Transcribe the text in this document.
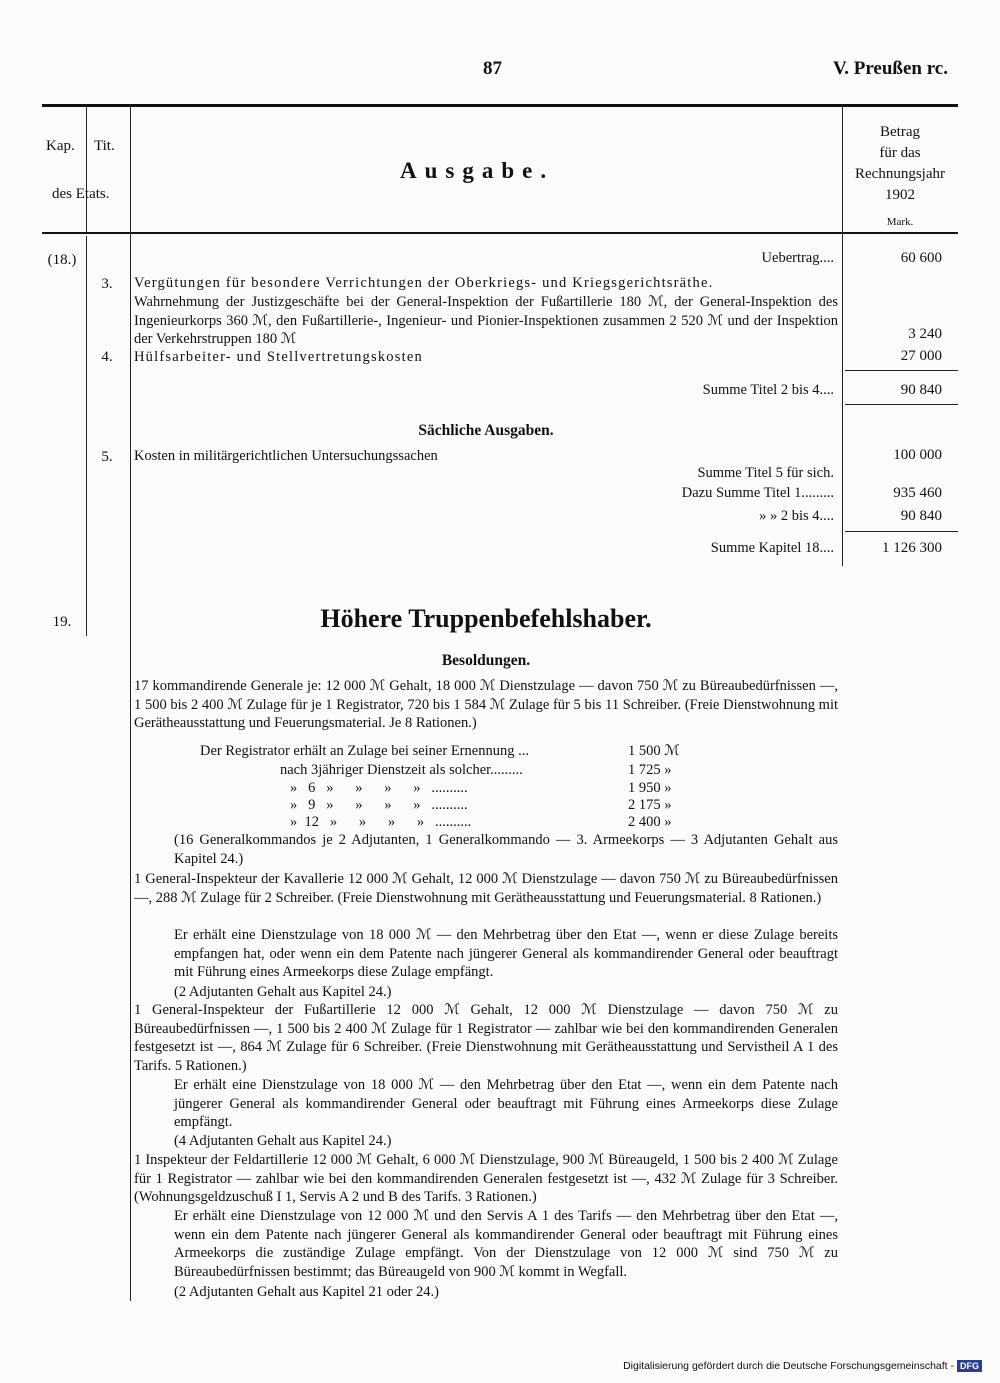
87	V. Preußen rc.
Kap. Tit.
des Etats.
Ausgabe.
Betrag
für das
Rechnungsjahr
1902
Mark.
(18.)	Uebertrag....	60 600
3.	Vergütungen für besondere Verrichtungen der Oberkriegs- und Kriegsgerichtsräthe.
Wahrnehmung der Justizgeschäfte bei der General-Inspektion der Fußartillerie 180 ℳ, der General-Inspektion des Ingenieurkorps 360 ℳ, den Fußartillerie-, Ingenieur- und Pionier-Inspektionen zusammen 2 520 ℳ und der Inspektion der Verkehrstruppen 180 ℳ	3 240
4.	Hülfsarbeiter- und Stellvertretungskosten	27 000
Summe Titel 2 bis 4....	90 840
Sächliche Ausgaben.
5.	Kosten in militärgerichtlichen Untersuchungssachen	100 000
Summe Titel 5 für sich.
Dazu Summe Titel 1.........	935 460
» » 2 bis 4....	90 840
Summe Kapitel 18....	1 126 300
19.	Höhere Truppenbefehlshaber.
Besoldungen.
17 kommandirende Generale je: 12 000 ℳ Gehalt, 18 000 ℳ Dienstzulage — davon 750 ℳ zu Büreaubedürfnissen —, 1 500 bis 2 400 ℳ Zulage für je 1 Registrator, 720 bis 1 584 ℳ Zulage für 5 bis 11 Schreiber. (Freie Dienstwohnung mit Gerätheausstattung und Feuerungsmaterial. Je 8 Rationen.)
Der Registrator erhält an Zulage bei seiner Ernennung ...	1 500 ℳ
nach 3jähriger Dienstzeit als solcher.........	1 725 »
»   6   »      »      »      »   ..........	1 950 »
»   9   »      »      »      »   ..........	2 175 »
»  12   »      »      »      »   ..........	2 400 »
(16 Generalkommandos je 2 Adjutanten, 1 Generalkommando — 3. Armeekorps — 3 Adjutanten Gehalt aus Kapitel 24.)
1 General-Inspekteur der Kavallerie 12 000 ℳ Gehalt, 12 000 ℳ Dienstzulage — davon 750 ℳ zu Büreaubedürfnissen —, 288 ℳ Zulage für 2 Schreiber. (Freie Dienstwohnung mit Gerätheausstattung und Feuerungsmaterial. 8 Rationen.)
Er erhält eine Dienstzulage von 18 000 ℳ — den Mehrbetrag über den Etat —, wenn er diese Zulage bereits empfangen hat, oder wenn ein dem Patente nach jüngerer General als kommandirender General oder beauftragt mit Führung eines Armeekorps diese Zulage empfängt.
(2 Adjutanten Gehalt aus Kapitel 24.)
1 General-Inspekteur der Fußartillerie 12 000 ℳ Gehalt, 12 000 ℳ Dienstzulage — davon 750 ℳ zu Büreaubedürfnissen —, 1 500 bis 2 400 ℳ Zulage für 1 Registrator — zahlbar wie bei den kommandirenden Generalen festgesetzt ist —, 864 ℳ Zulage für 6 Schreiber. (Freie Dienstwohnung mit Gerätheausstattung und Servistheil A 1 des Tarifs. 5 Rationen.)
Er erhält eine Dienstzulage von 18 000 ℳ — den Mehrbetrag über den Etat —, wenn ein dem Patente nach jüngerer General als kommandirender General oder beauftragt mit Führung eines Armeekorps diese Zulage empfängt.
(4 Adjutanten Gehalt aus Kapitel 24.)
1 Inspekteur der Feldartillerie 12 000 ℳ Gehalt, 6 000 ℳ Dienstzulage, 900 ℳ Büreaugeld, 1 500 bis 2 400 ℳ Zulage für 1 Registrator — zahlbar wie bei den kommandirenden Generalen festgesetzt ist —, 432 ℳ Zulage für 3 Schreiber. (Wohnungsgeldzuschuß I 1, Servis A 2 und B des Tarifs. 3 Rationen.)
Er erhält eine Dienstzulage von 12 000 ℳ und den Servis A 1 des Tarifs — den Mehrbetrag über den Etat —, wenn ein dem Patente nach jüngerer General als kommandirender General oder beauftragt mit Führung eines Armeekorps die zuständige Zulage empfängt. Von der Dienstzulage von 12 000 ℳ sind 750 ℳ zu Büreaubedürfnissen bestimmt; das Büreaugeld von 900 ℳ kommt in Wegfall.
(2 Adjutanten Gehalt aus Kapitel 21 oder 24.)
Digitalisierung gefördert durch die Deutsche Forschungsgemeinschaft - DFG
